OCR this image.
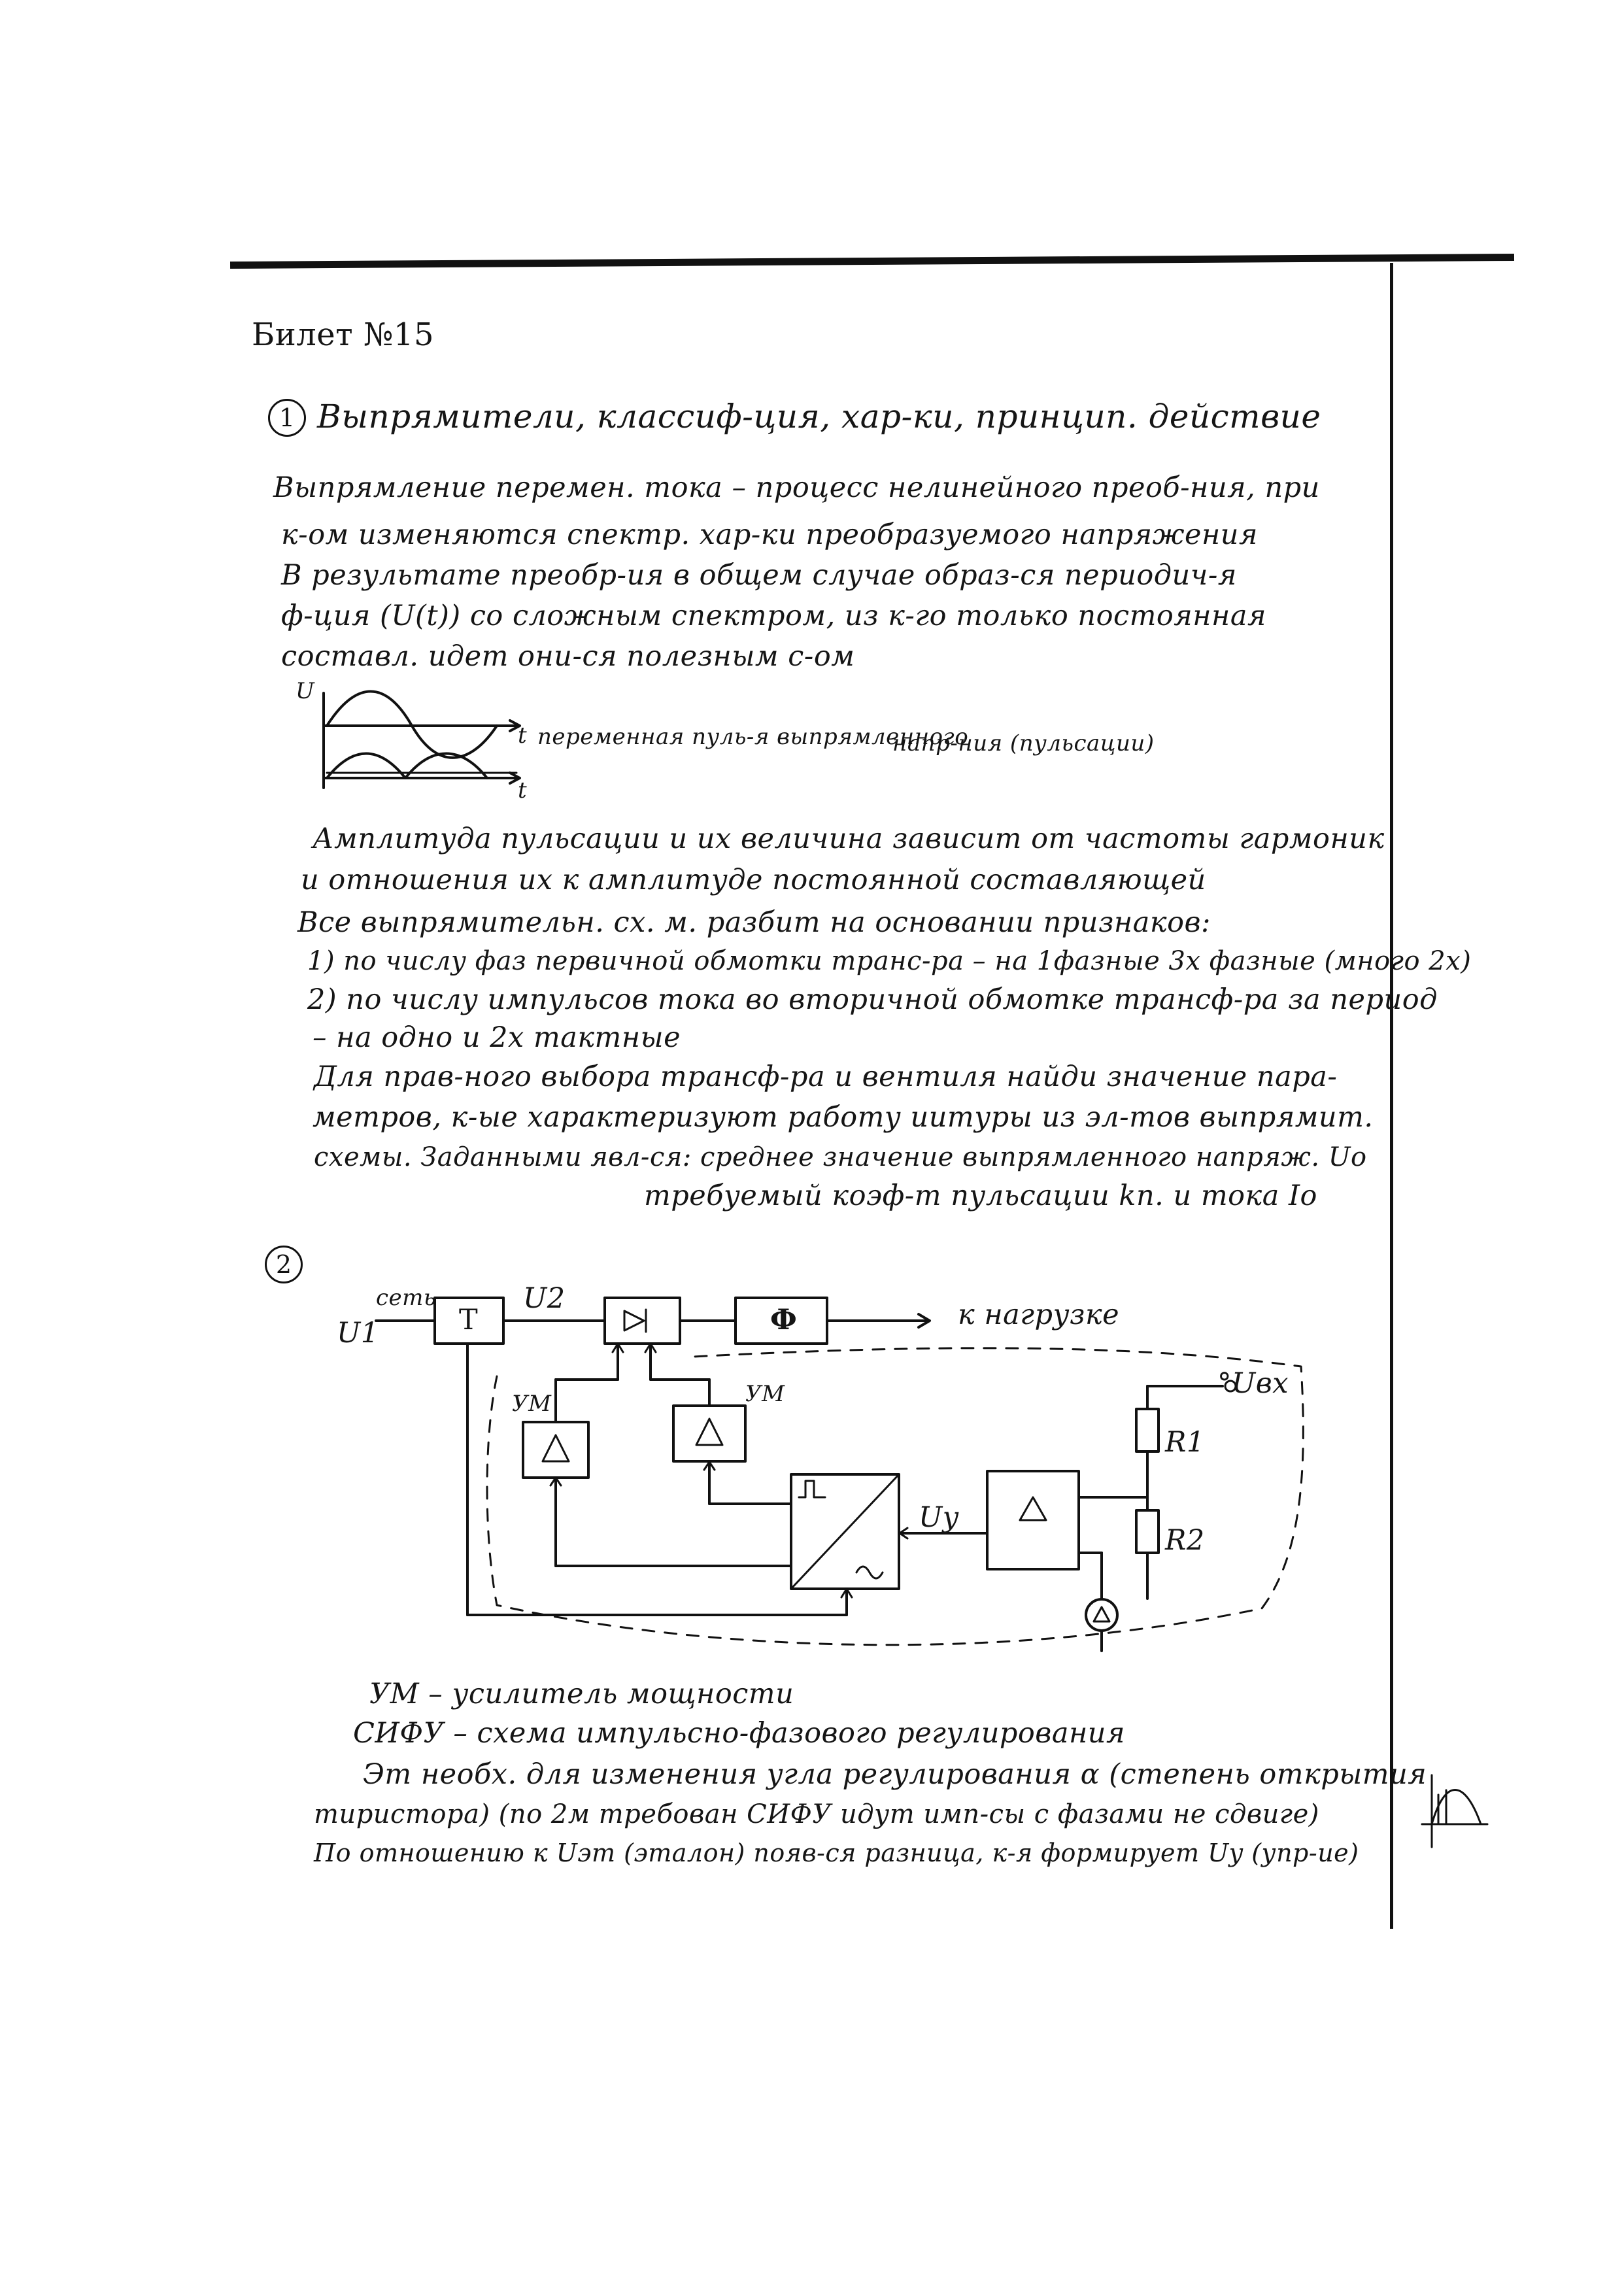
Билет №15
1 Выпрямители, классиф-ция, хар-ки, принцип. действие
Выпрямление перемен. тока – процесс нелинейного преоб-ния, при
к-ом изменяются спектр. хар-ки преобразуемого напряжения
В результате преобр-ия в общем случае образ-ся периодич-я
ф-ция (U(t)) со сложным спектром, из к-го только постоянная
составл. идет они-ся полезным с-ом
U
t
t
переменная пуль-я выпрямленного
напр-ния (пульсации)
Амплитуда пульсации и их величина зависит от частоты гармоник
и отношения их к амплитуде постоянной составляющей
Все выпрямительн. сх. м. разбит на основании признаков:
1) по числу фаз первичной обмотки транс-ра – на 1фазные 3х фазные (много 2х)
2) по числу импульсов тока во вторичной обмотке трансф-ра за период
– на одно и 2х тактные
Для прав-ного выбора трансф-ра и вентиля найди значение пара-
метров, к-ые характеризуют работу иитуры из эл-тов выпрямит.
схемы. Заданными явл-ся: среднее значение выпрямленного напряж. Uo
требуемый коэф-т пульсации kп. и тока Io
2
сеть
U1	T
U2
Ф	к нагрузке
УМ	УМ
Uy
°Uвх
R1
R2
УМ – усилитель мощности
СИФУ – схема импульсно-фазового регулирования
Эт необх. для изменения угла регулирования α (степень открытия
тиристора) (по 2м требован СИФУ идут имп-сы с фазами не сдвиге)
По отношению к Uэт (эталон) появ-ся разница, к-я формирует Uy (упр-ие)
